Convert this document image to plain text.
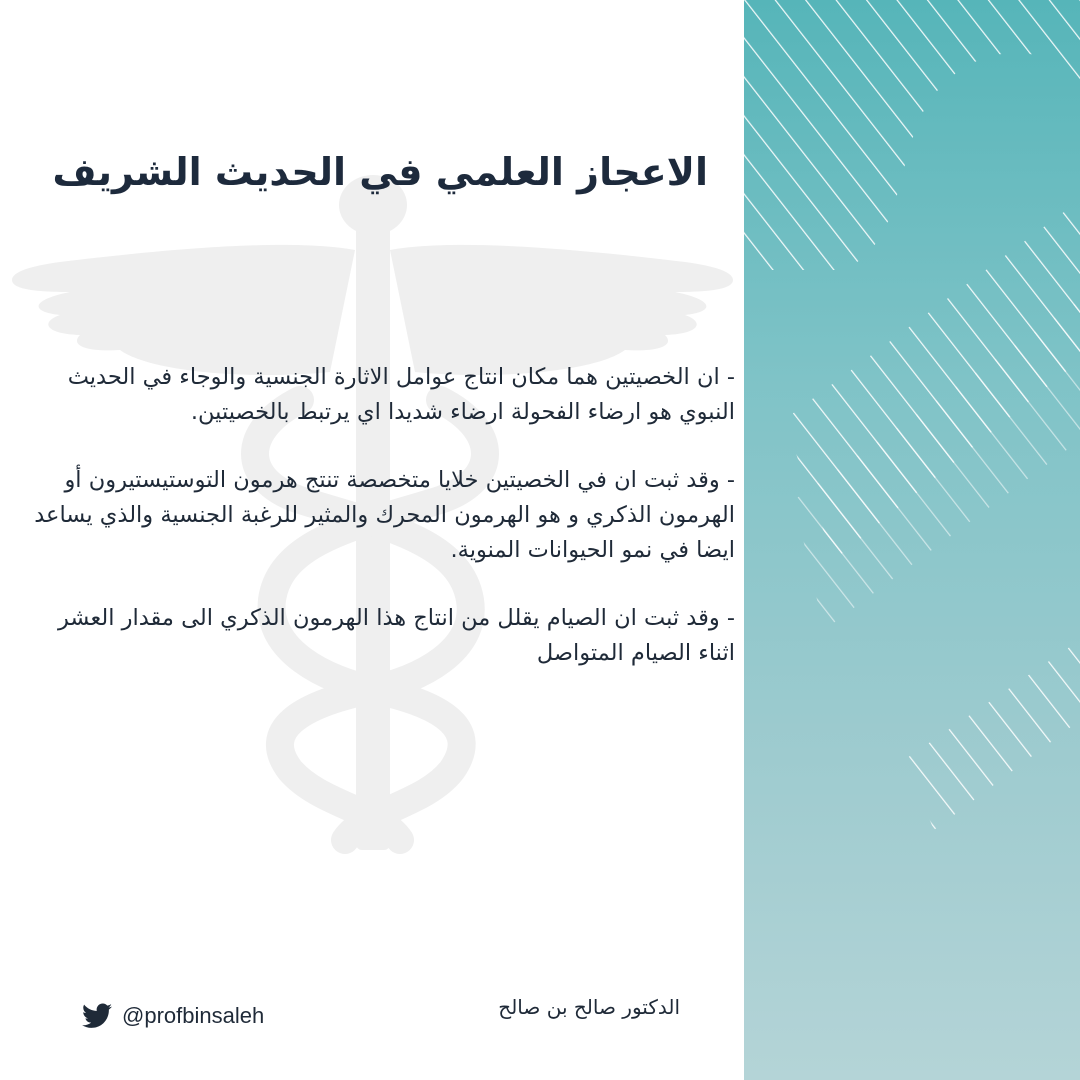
الاعجاز العلمي في الحديث الشريف

- ان الخصيتين هما مكان انتاج عوامل الاثارة الجنسية والوجاء في الحديث النبوي هو ارضاء الفحولة ارضاء شديدا اي يرتبط بالخصيتين.

- وقد ثبت ان في الخصيتين خلايا متخصصة تنتج هرمون التوستيستيرون أو الهرمون الذكري و هو الهرمون المحرك والمثير للرغبة الجنسية والذي يساعد ايضا في نمو الحيوانات المنوية.

- وقد ثبت ان الصيام يقلل من انتاج هذا الهرمون الذكري الى مقدار العشر اثناء الصيام المتواصل

الدكتور صالح بن صالح
@profbinsaleh
